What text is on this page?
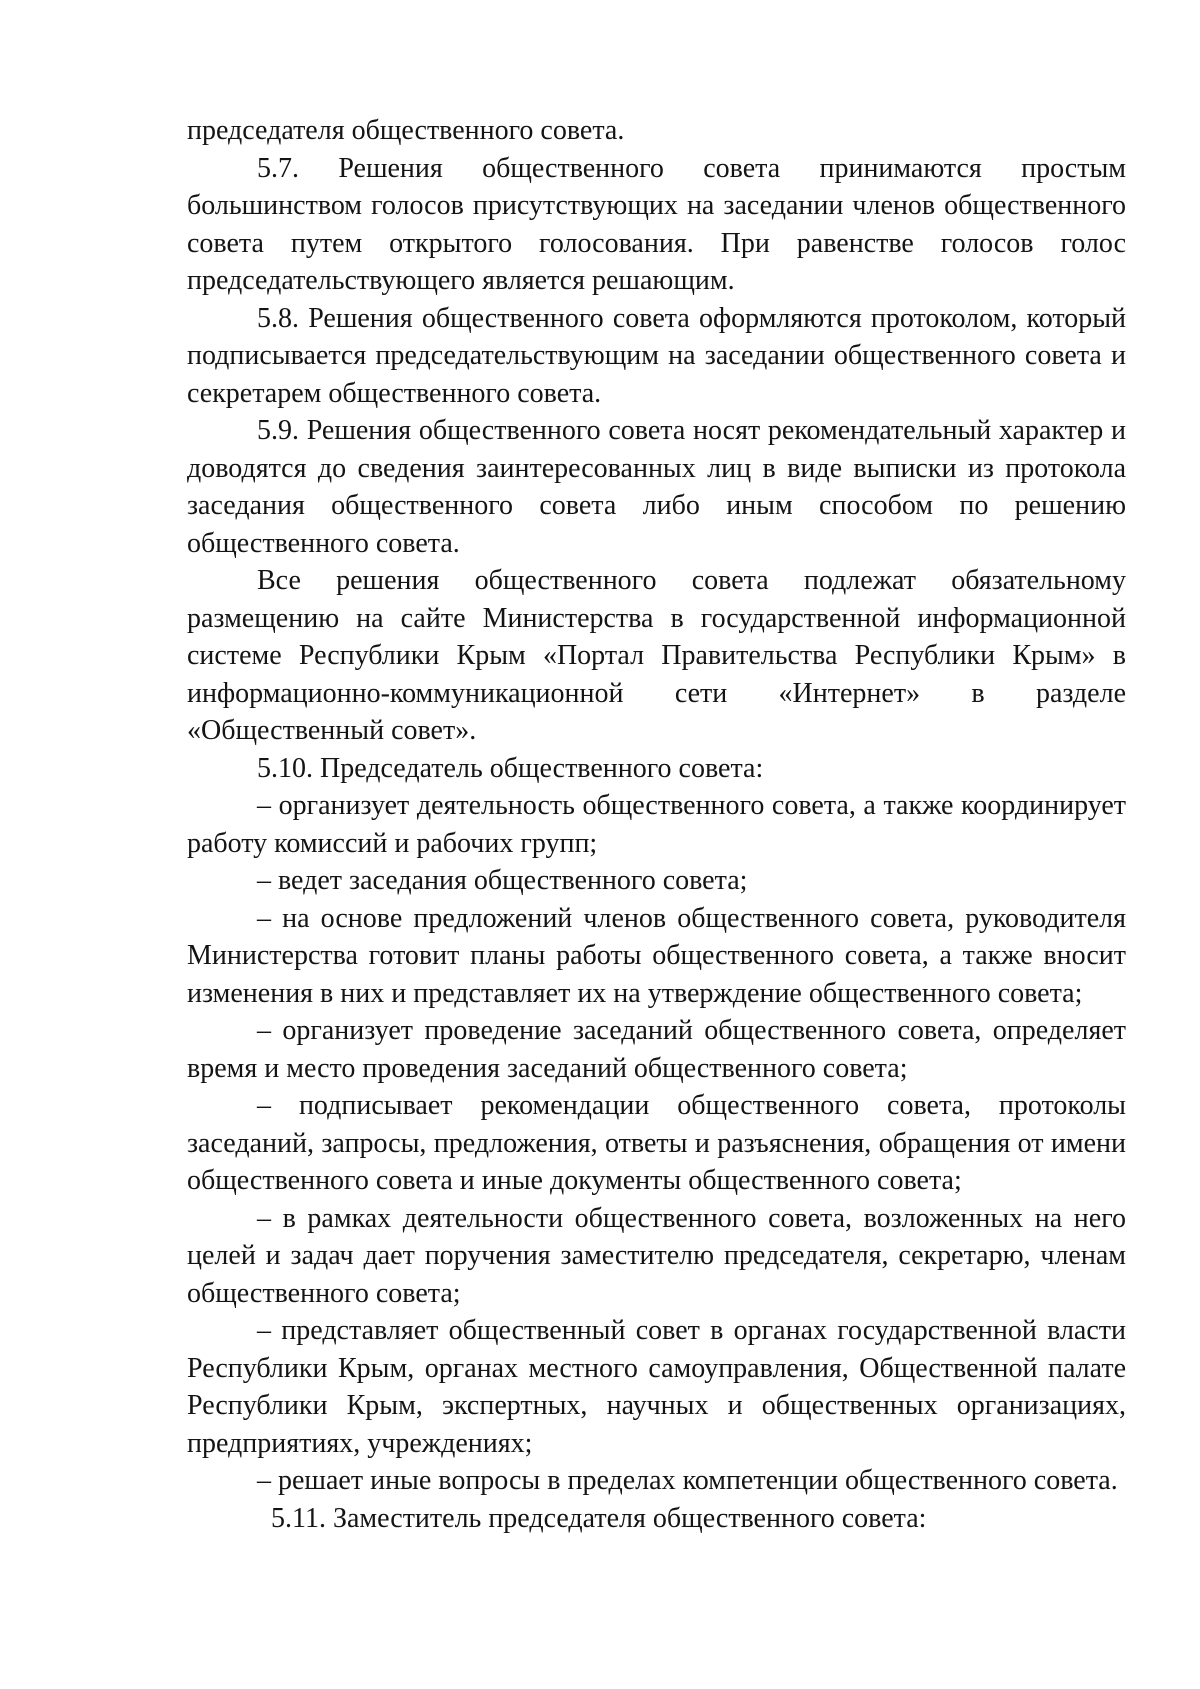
председателя общественного совета.

5.7. Решения общественного совета принимаются простым большинством голосов присутствующих на заседании членов общественного совета путем открытого голосования. При равенстве голосов голос председательствующего является решающим.

5.8. Решения общественного совета оформляются протоколом, который подписывается председательствующим на заседании общественного совета и секретарем общественного совета.

5.9. Решения общественного совета носят рекомендательный характер и доводятся до сведения заинтересованных лиц в виде выписки из протокола заседания общественного совета либо иным способом по решению общественного совета.

Все решения общественного совета подлежат обязательному размещению на сайте Министерства в государственной информационной системе Республики Крым «Портал Правительства Республики Крым» в информационно-коммуникационной сети «Интернет» в разделе «Общественный совет».

5.10. Председатель общественного совета:

– организует деятельность общественного совета, а также координирует работу комиссий и рабочих групп;

– ведет заседания общественного совета;

– на основе предложений членов общественного совета, руководителя Министерства готовит планы работы общественного совета, а также вносит изменения в них и представляет их на утверждение общественного совета;

– организует проведение заседаний общественного совета, определяет время и место проведения заседаний общественного совета;

– подписывает рекомендации общественного совета, протоколы заседаний, запросы, предложения, ответы и разъяснения, обращения от имени общественного совета и иные документы общественного совета;

– в рамках деятельности общественного совета, возложенных на него целей и задач дает поручения заместителю председателя, секретарю, членам общественного совета;

– представляет общественный совет в органах государственной власти Республики Крым, органах местного самоуправления, Общественной палате Республики Крым, экспертных, научных и общественных организациях, предприятиях, учреждениях;

– решает иные вопросы в пределах компетенции общественного совета.

5.11. Заместитель председателя общественного совета:
